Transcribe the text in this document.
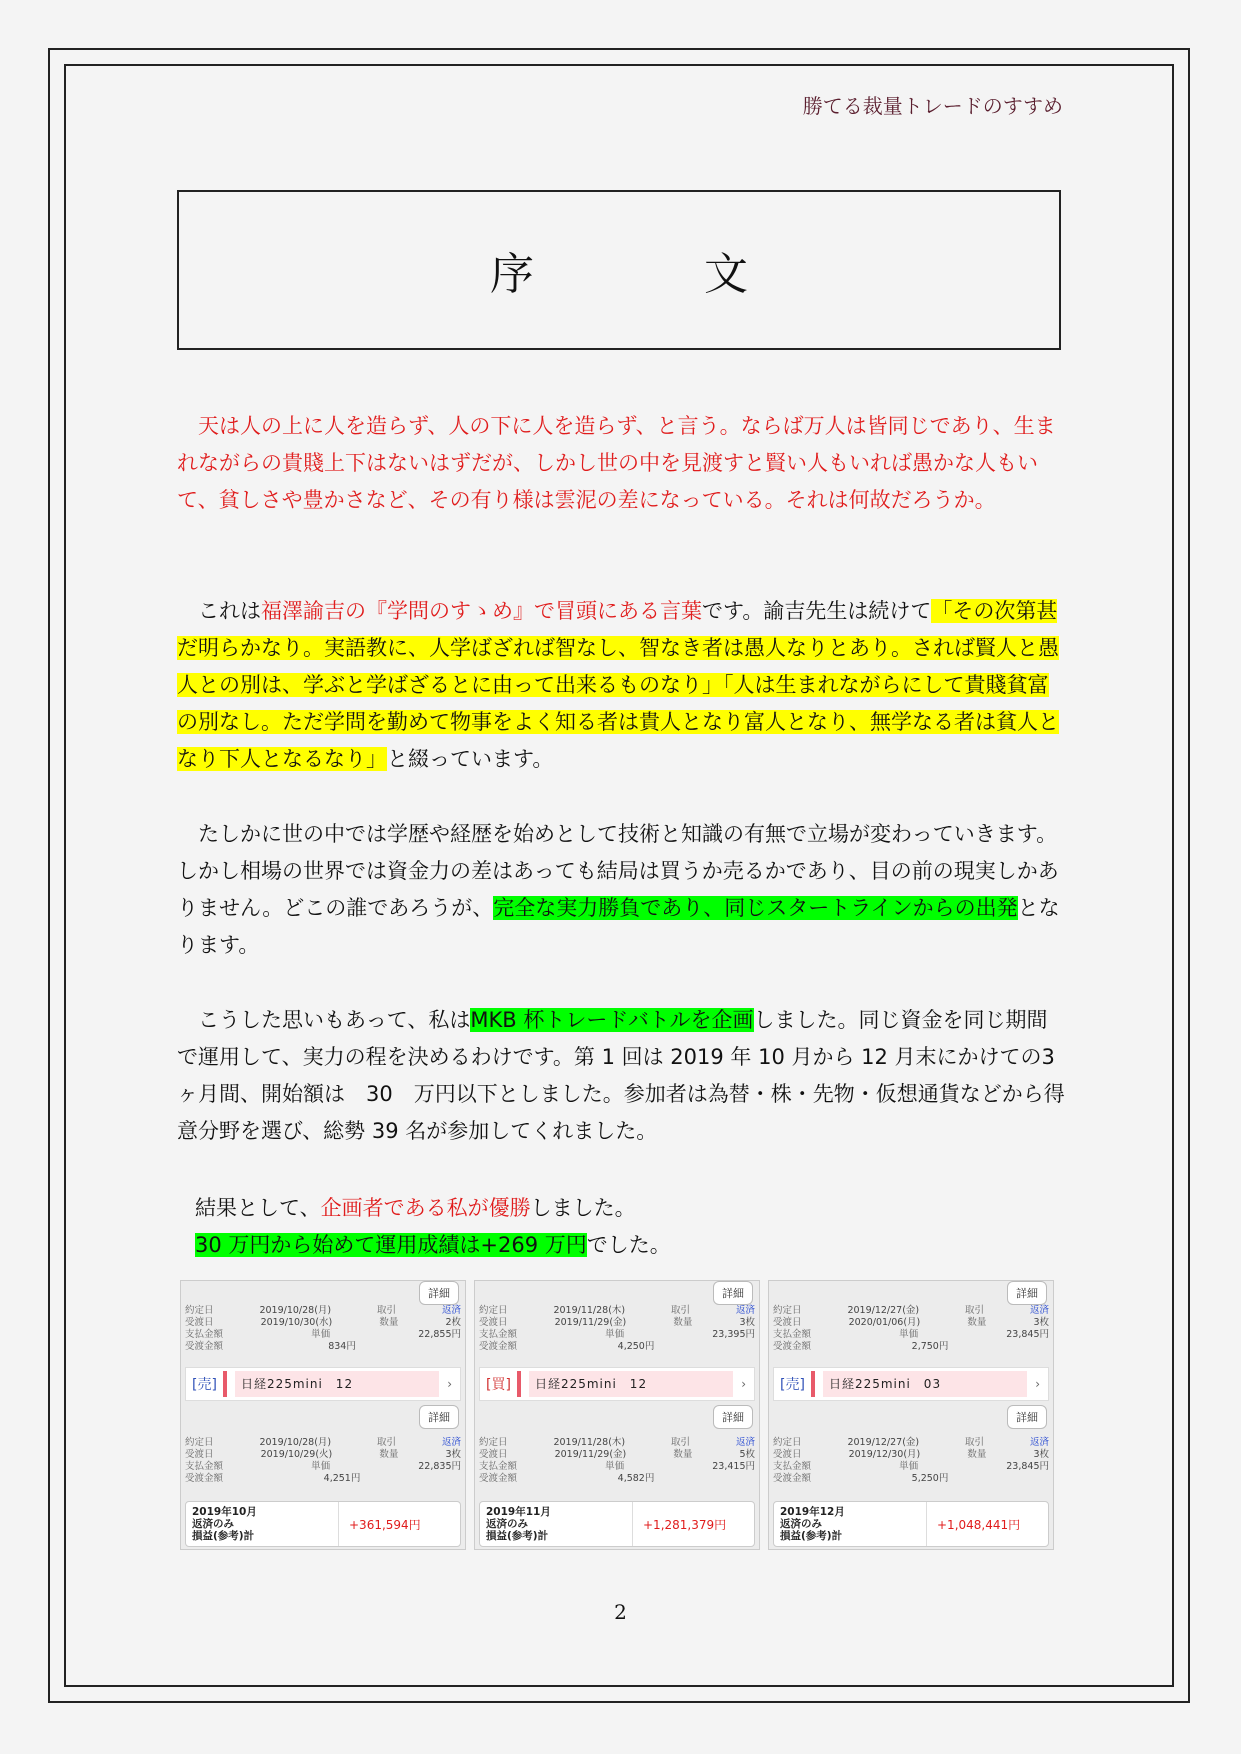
勝てる裁量トレードのすすめ
序	文
天は人の上に人を造らず、人の下に人を造らず、と言う。ならば万人は皆同じであり、生まれながらの貴賤上下はないはずだが、しかし世の中を見渡すと賢い人もいれば愚かな人もいて、貧しさや豊かさなど、その有り様は雲泥の差になっている。それは何故だろうか。
これは福澤諭吉の『学問のすゝめ』で冒頭にある言葉です。諭吉先生は続けて「その次第甚だ明らかなり。実語教に、人学ばざれば智なし、智なき者は愚人なりとあり。されば賢人と愚人との別は、学ぶと学ばざるとに由って出来るものなり」「人は生まれながらにして貴賤貧富の別なし。ただ学問を勤めて物事をよく知る者は貴人となり富人となり、無学なる者は貧人となり下人となるなり」と綴っています。
たしかに世の中では学歴や経歴を始めとして技術と知識の有無で立場が変わっていきます。しかし相場の世界では資金力の差はあっても結局は買うか売るかであり、目の前の現実しかありません。どこの誰であろうが、完全な実力勝負であり、同じスタートラインからの出発となります。
こうした思いもあって、私はMKB 杯トレードバトルを企画しました。同じ資金を同じ期間で運用して、実力の程を決めるわけです。第 1 回は 2019 年 10 月から 12 月末にかけての3ヶ月間、開始額は　30　万円以下としました。参加者は為替・株・先物・仮想通貨などから得意分野を選び、総勢 39 名が参加してくれました。
結果として、企画者である私が優勝しました。
30 万円から始めて運用成績は+269 万円でした。
詳細
約定日	2019/10/28(月)	取引	返済
受渡日	2019/10/30(水)	数量	2枚
支払金額	単価	22,855円
受渡金額	834円
[売]	日経225mini　12	›
詳細
約定日	2019/10/28(月)	取引	返済
受渡日	2019/10/29(火)	数量	3枚
支払金額	単価	22,835円
受渡金額	4,251円
2019年10月
返済のみ
損益(参考)計
+361,594円
詳細
約定日	2019/11/28(木)	取引	返済
受渡日	2019/11/29(金)	数量	3枚
支払金額	単価	23,395円
受渡金額	4,250円
[買]	日経225mini　12	›
詳細
約定日	2019/11/28(木)	取引	返済
受渡日	2019/11/29(金)	数量	5枚
支払金額	単価	23,415円
受渡金額	4,582円
2019年11月
返済のみ
損益(参考)計
+1,281,379円
詳細
約定日	2019/12/27(金)	取引	返済
受渡日	2020/01/06(月)	数量	3枚
支払金額	単価	23,845円
受渡金額	2,750円
[売]	日経225mini　03	›
詳細
約定日	2019/12/27(金)	取引	返済
受渡日	2019/12/30(月)	数量	3枚
支払金額	単価	23,845円
受渡金額	5,250円
2019年12月
返済のみ
損益(参考)計
+1,048,441円
2
